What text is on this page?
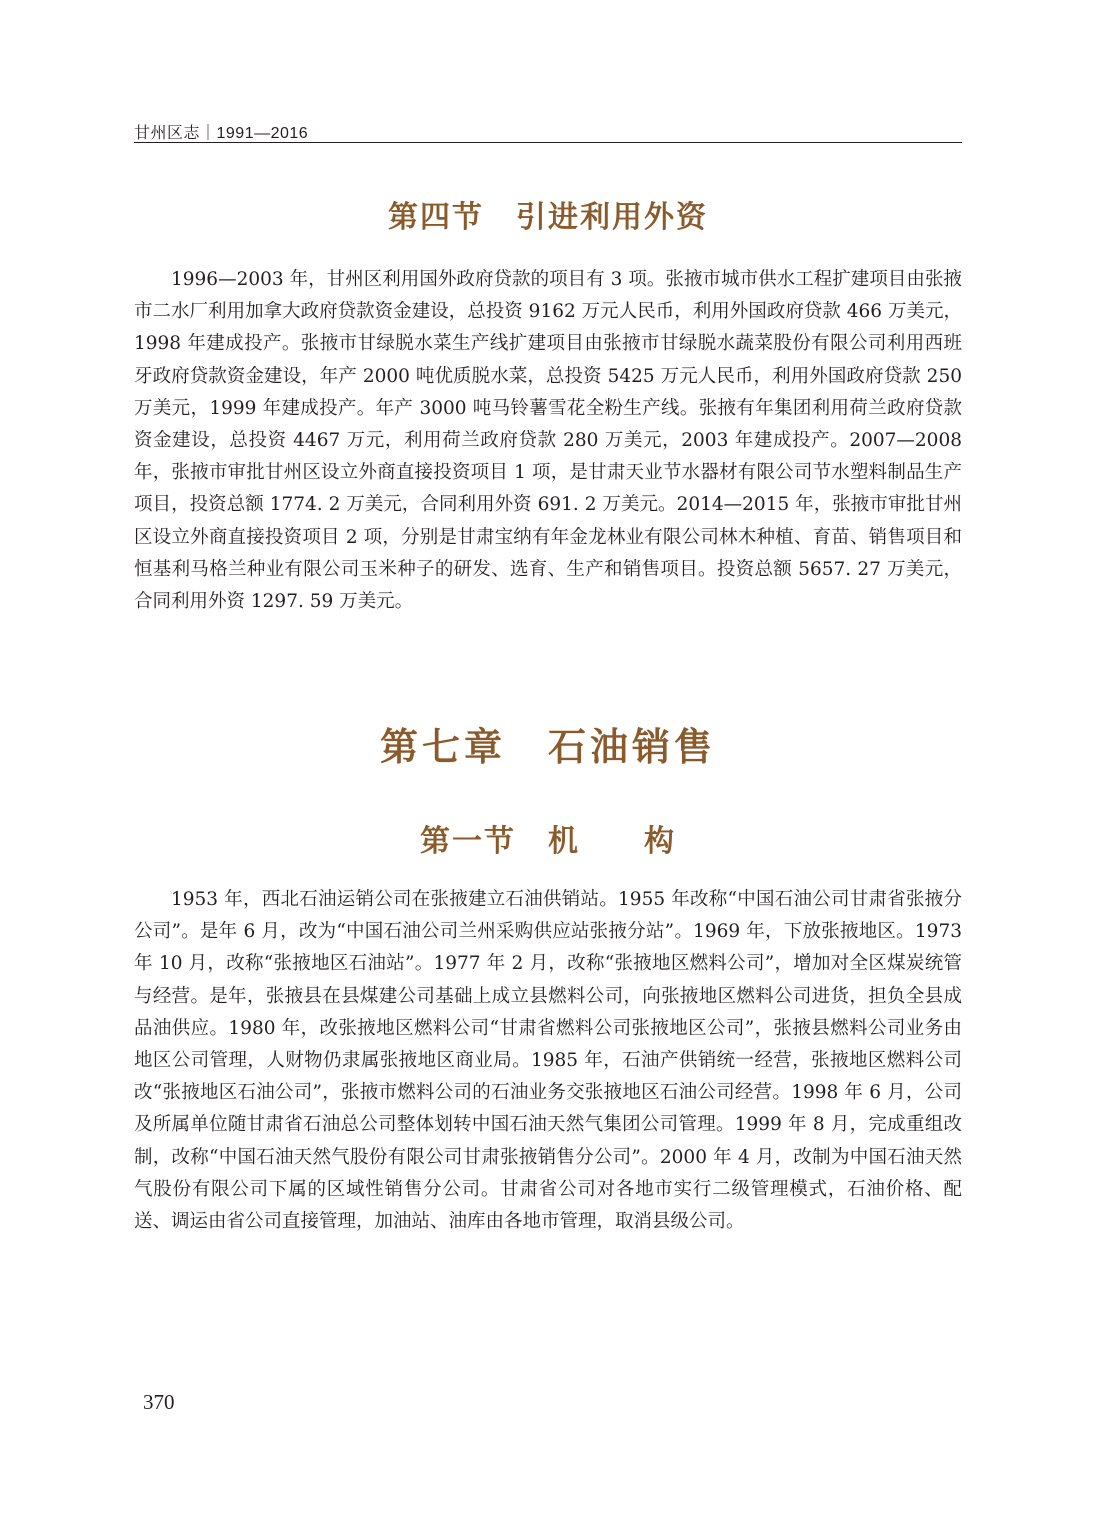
甘州区志｜1991—2016
第四节　引进利用外资

1996—2003 年，甘州区利用国外政府贷款的项目有 3 项。张掖市城市供水工程扩建项目由张掖市二水厂利用加拿大政府贷款资金建设，总投资 9162 万元人民币，利用外国政府贷款 466 万美元，1998 年建成投产。张掖市甘绿脱水菜生产线扩建项目由张掖市甘绿脱水蔬菜股份有限公司利用西班牙政府贷款资金建设，年产 2000 吨优质脱水菜，总投资 5425 万元人民币，利用外国政府贷款 250 万美元，1999 年建成投产。年产 3000 吨马铃薯雪花全粉生产线。张掖有年集团利用荷兰政府贷款资金建设，总投资 4467 万元，利用荷兰政府贷款 280 万美元，2003 年建成投产。2007—2008 年，张掖市审批甘州区设立外商直接投资项目 1 项，是甘肃天业节水器材有限公司节水塑料制品生产项目，投资总额 1774. 2 万美元，合同利用外资 691. 2 万美元。2014—2015 年，张掖市审批甘州区设立外商直接投资项目 2 项，分别是甘肃宝纳有年金龙林业有限公司林木种植、育苗、销售项目和恒基利马格兰种业有限公司玉米种子的研发、选育、生产和销售项目。投资总额 5657. 27 万美元，合同利用外资 1297. 59 万美元。

第七章　石油销售
第一节　机　　构

1953 年，西北石油运销公司在张掖建立石油供销站。1955 年改称“中国石油公司甘肃省张掖分公司”。是年 6 月，改为“中国石油公司兰州采购供应站张掖分站”。1969 年，下放张掖地区。1973 年 10 月，改称“张掖地区石油站”。1977 年 2 月，改称“张掖地区燃料公司”，增加对全区煤炭统管与经营。是年，张掖县在县煤建公司基础上成立县燃料公司，向张掖地区燃料公司进货，担负全县成品油供应。1980 年，改张掖地区燃料公司“甘肃省燃料公司张掖地区公司”，张掖县燃料公司业务由地区公司管理，人财物仍隶属张掖地区商业局。1985 年，石油产供销统一经营，张掖地区燃料公司改“张掖地区石油公司”，张掖市燃料公司的石油业务交张掖地区石油公司经营。1998 年 6 月，公司及所属单位随甘肃省石油总公司整体划转中国石油天然气集团公司管理。1999 年 8 月，完成重组改制，改称“中国石油天然气股份有限公司甘肃张掖销售分公司”。2000 年 4 月，改制为中国石油天然气股份有限公司下属的区域性销售分公司。甘肃省公司对各地市实行二级管理模式，石油价格、配送、调运由省公司直接管理，加油站、油库由各地市管理，取消县级公司。

370
